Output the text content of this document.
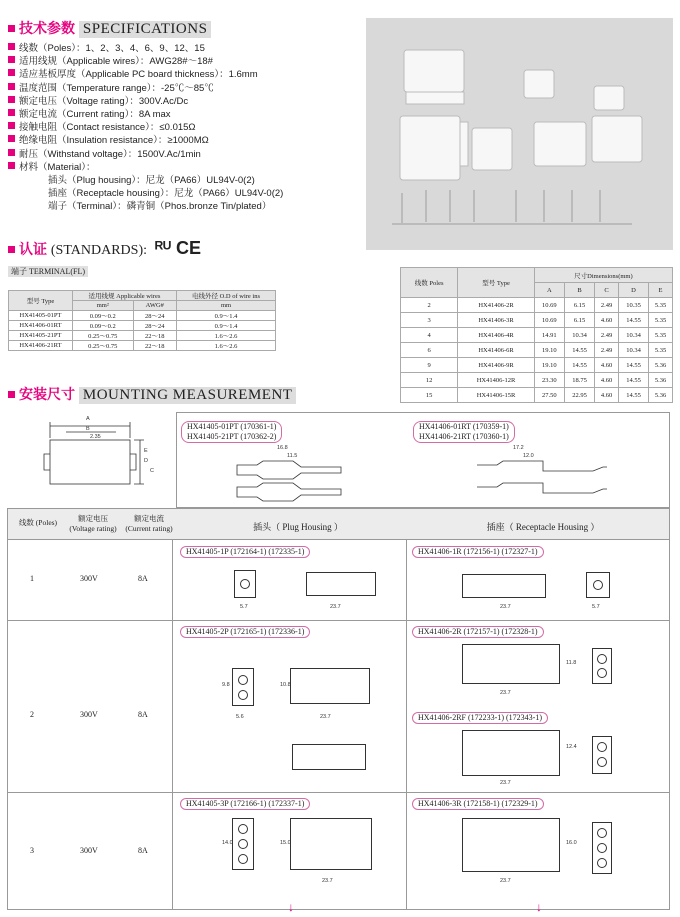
技术参数 SPECIFICATIONS
线数（Poles）：1、2、3、4、6、9、12、15
适用线规（Applicable wires）：AWG28#～18#
适应基板厚度（Applicable PC board thickness）：1.6mm
温度范围（Temperature range）：-25℃～85℃
额定电压（Voltage rating）：300V.Ac/Dc
额定电流（Current rating）：8A max
接触电阻（Contact resistance）：≤0.015Ω
绝缘电阻（Insulation resistance）：≥1000MΩ
耐压（Withstand voltage）：1500V.Ac/1min
材料（Material）：
插头（Plug housing）：尼龙（PA66）UL94V-0(2)
插座（Receptacle housing）：尼龙（PA66）UL94V-0(2)
端子（Terminal）：磷青铜（Phos.bronze Tin/plated）
认证 (STANDARDS): ᴿᵁ CE
端子 TERMINAL(FL)
型号 Type	适用线规 Applicable wires		电线外径 O.D of wire ins
	mm²	AWG#	mm
HX41405-01PT	0.09～0.2	28～24	0.9～1.4
HX41406-01RT	0.09～0.2	28～24	0.9～1.4
HX41405-21PT	0.25～0.75	22～18	1.6～2.6
HX41406-21RT	0.25～0.75	22～18	1.6～2.6
线数 Poles	型号 Type	尺寸Dimensions(mm)				
		A	B	C	D	E
2	HX41406-2R	10.69	6.15	2.49	10.35	5.35
3	HX41406-3R	10.69	6.15	4.60	14.55	5.35
4	HX41406-4R	14.91	10.34	2.49	10.34	5.35
6	HX41406-6R	19.10	14.55	2.49	10.34	5.35
9	HX41406-9R	19.10	14.55	4.60	14.55	5.36
12	HX41406-12R	23.30	18.75	4.60	14.55	5.36
15	HX41406-15R	27.50	22.95	4.60	14.55	5.36
安装尺寸 MOUNTING MEASUREMENT
A
B
2.35
E
D
C
HX41405-01PT (170361-1)
HX41405-21PT (170362-2)
HX41406-01RT (170359-1)
HX41406-21RT (170360-1)
16.8
11.5
17.2
12.0
线数 (Poles)	额定电压 (Voltage rating)
额定电流 (Current rating)	插头（ Plug Housing ）	插座（ Receptacle Housing ）
1	300V	8A
HX41405-1P (172164-1) (172335-1)	HX41406-1R (172156-1) (172327-1)
5.7	23.7	23.7	5.7
2	300V	8A
HX41405-2P (172165-1) (172336-1)	HX41406-2R (172157-1) (172328-1)
HX41406-2RF (172233-1) (172343-1)
5.6
9.8	10.8
23.7
23.7
11.8
23.7
12.4
3	300V	8A
HX41405-3P (172166-1) (172337-1)	HX41406-3R (172158-1) (172329-1)
14.0	15.0
23.7	23.7
16.0
↓	↓
